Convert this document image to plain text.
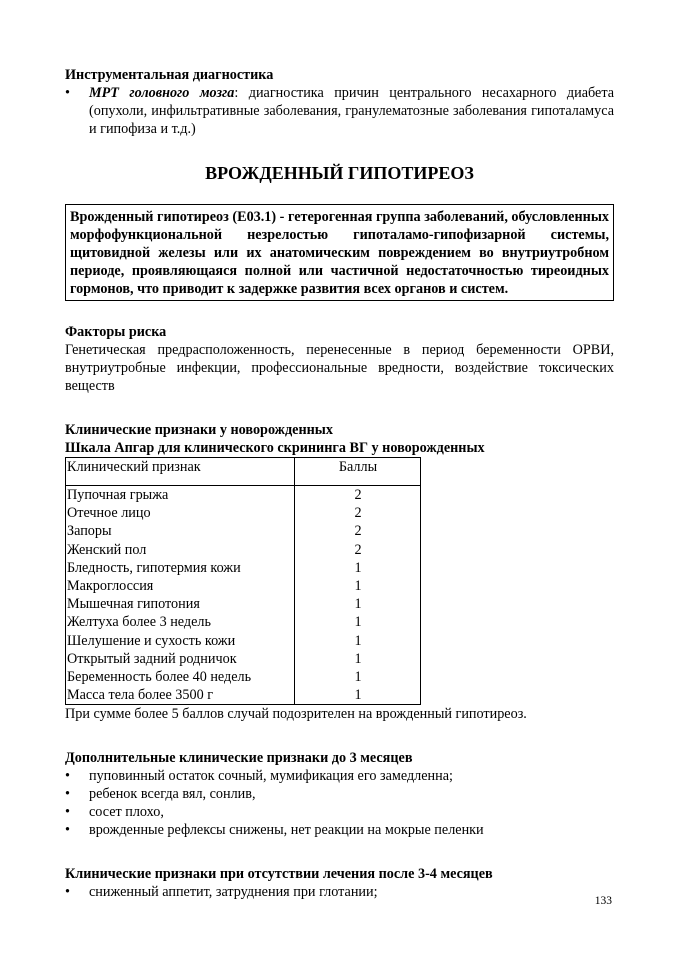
Инструментальная диагностика

• МРТ головного мозга: диагностика причин центрального несахарного диабета (опухоли, инфильтративные заболевания, гранулематозные заболевания гипоталамуса и гипофиза и т.д.)
ВРОЖДЕННЫЙ ГИПОТИРЕОЗ

Врожденный гипотиреоз (Е03.1) - гетерогенная группа заболеваний, обусловленных морфофункциональной незрелостью гипоталамо-гипофизарной системы, щитовидной железы или их анатомическим повреждением во внутриутробном периоде, проявляющаяся полной или частичной недостаточностью тиреоидных гормонов, что приводит к задержке развития всех органов и систем.

Факторы риска

Генетическая предрасположенность, перенесенные в период беременности ОРВИ, внутриутробные инфекции, профессиональные вредности, воздействие токсических веществ

Клинические признаки у новорожденных

Шкала Апгар для клинического скрининга ВГ у новорожденных

Клинический признак	Баллы
Пупочная грыжа	2
Отечное лицо	2
Запоры	2
Женский пол	2
Бледность, гипотермия кожи	1
Макроглоссия	1
Мышечная гипотония	1
Желтуха более 3 недель	1
Шелушение и сухость кожи	1
Открытый задний родничок	1
Беременность более 40 недель	1
Масса тела более 3500 г	1

При сумме более 5 баллов случай подозрителен на врожденный гипотиреоз.

Дополнительные клинические признаки до 3 месяцев

• пуповинный остаток сочный, мумификация его замедленна;
• ребенок всегда вял, сонлив,
• сосет плохо,
• врожденные рефлексы снижены, нет реакции на мокрые пеленки

Клинические признаки при отсутствии лечения после 3-4 месяцев

• сниженный аппетит, затруднения при глотании;
133
